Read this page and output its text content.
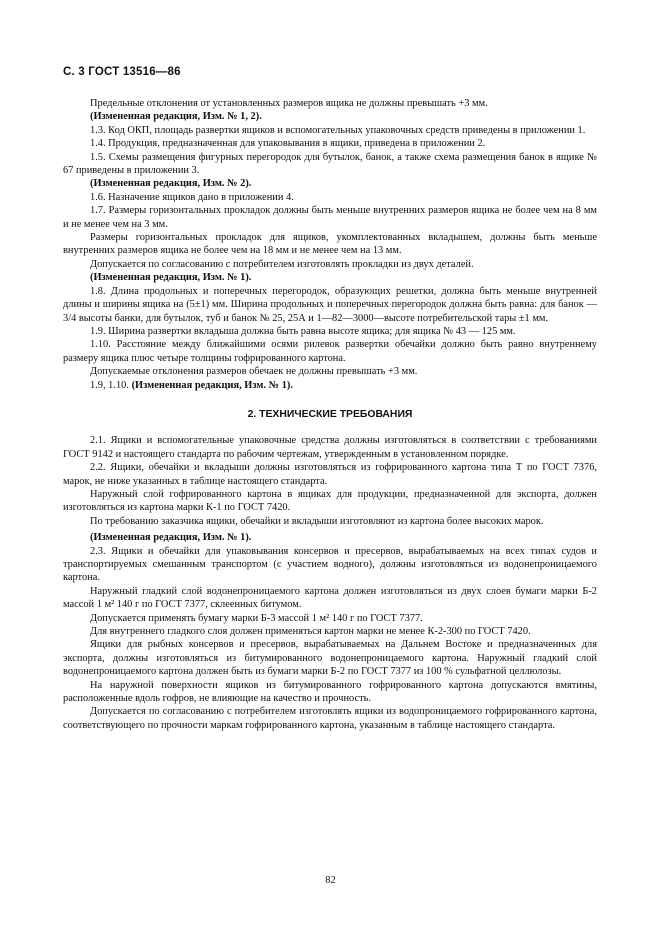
С. 3 ГОСТ 13516—86

Предельные отклонения от установленных размеров ящика не должны превышать +3 мм.

(Измененная редакция, Изм. № 1, 2).

1.3. Код ОКП, площадь развертки ящиков и вспомогательных упаковочных средств приведены в приложении 1.

1.4. Продукция, предназначенная для упаковывания в ящики, приведена в приложении 2.

1.5. Схемы размещения фигурных перегородок для бутылок, банок, а также схема размещения банок в ящике № 67 приведены в приложении 3.

(Измененная редакция, Изм. № 2).

1.6. Назначение ящиков дано в приложении 4.

1.7. Размеры горизонтальных прокладок должны быть меньше внутренних размеров ящика не более чем на 8 мм и не менее чем на 3 мм.

Размеры горизонтальных прокладок для ящиков, укомплектованных вкладышем, должны быть меньше внутренних размеров ящика не более чем на 18 мм и не менее чем на 13 мм.

Допускается по согласованию с потребителем изготовлять прокладки из двух деталей.

(Измененная редакция, Изм. № 1).

1.8. Длина продольных и поперечных перегородок, образующих решетки, должна быть меньше внутренней длины и ширины ящика на (5±1) мм. Ширина продольных и поперечных перегородок должна быть равна: для банок — 3/4 высоты банки, для бутылок, туб и банок № 25, 25А и 1—82—3000—высоте потребительской тары ±1 мм.

1.9. Ширина развертки вкладыша должна быть равна высоте ящика; для ящика № 43 — 125 мм.

1.10. Расстояние между ближайшими осями рилевок развертки обечайки должно быть равно внутреннему размеру ящика плюс четыре толщины гофрированного картона.

Допускаемые отклонения размеров обечаек не должны превышать +3 мм.

1.9, 1.10. (Измененная редакция, Изм. № 1).

2. ТЕХНИЧЕСКИЕ ТРЕБОВАНИЯ

2.1. Ящики и вспомогательные упаковочные средства должны изготовляться в соответствии с требованиями ГОСТ 9142 и настоящего стандарта по рабочим чертежам, утвержденным в установленном порядке.

2.2. Ящики, обечайки и вкладыши должны изготовляться из гофрированного картона типа Т по ГОСТ 7376, марок, не ниже указанных в таблице настоящего стандарта.

Наружный слой гофрированного картона в ящиках для продукции, предназначенной для экспорта, должен изготовляться из картона марки К-1 по ГОСТ 7420.

По требованию заказчика ящики, обечайки и вкладыши изготовляют из картона более высоких марок.

(Измененная редакция, Изм. № 1).

2.3. Ящики и обечайки для упаковывания консервов и пресервов, вырабатываемых на всех типах судов и транспортируемых смешанным транспортом (с участием водного), должны изготовляться из водонепроницаемого картона.

Наружный гладкий слой водонепроницаемого картона должен изготовляться из двух слоев бумаги марки Б-2 массой 1 м² 140 г по ГОСТ 7377, склеенных битумом.

Допускается применять бумагу марки Б-3 массой 1 м² 140 г по ГОСТ 7377.

Для внутреннего гладкого слоя должен применяться картон марки не менее К-2-300 по ГОСТ 7420.

Ящики для рыбных консервов и пресервов, вырабатываемых на Дальнем Востоке и предназначенных для экспорта, должны изготовляться из битумированного водонепроницаемого картона. Наружный гладкий слой водонепроницаемого картона должен быть из бумаги марки Б-2 по ГОСТ 7377 из 100 % сульфатной целлюлозы.

На наружной поверхности ящиков из битумированного гофрированного картона допускаются вмятины, расположенные вдоль гофров, не влияющие на качество и прочность.

Допускается по согласованию с потребителем изготовлять ящики из водопроницаемого гофрированного картона, соответствующего по прочности маркам гофрированного картона, указанным в таблице настоящего стандарта.

82
